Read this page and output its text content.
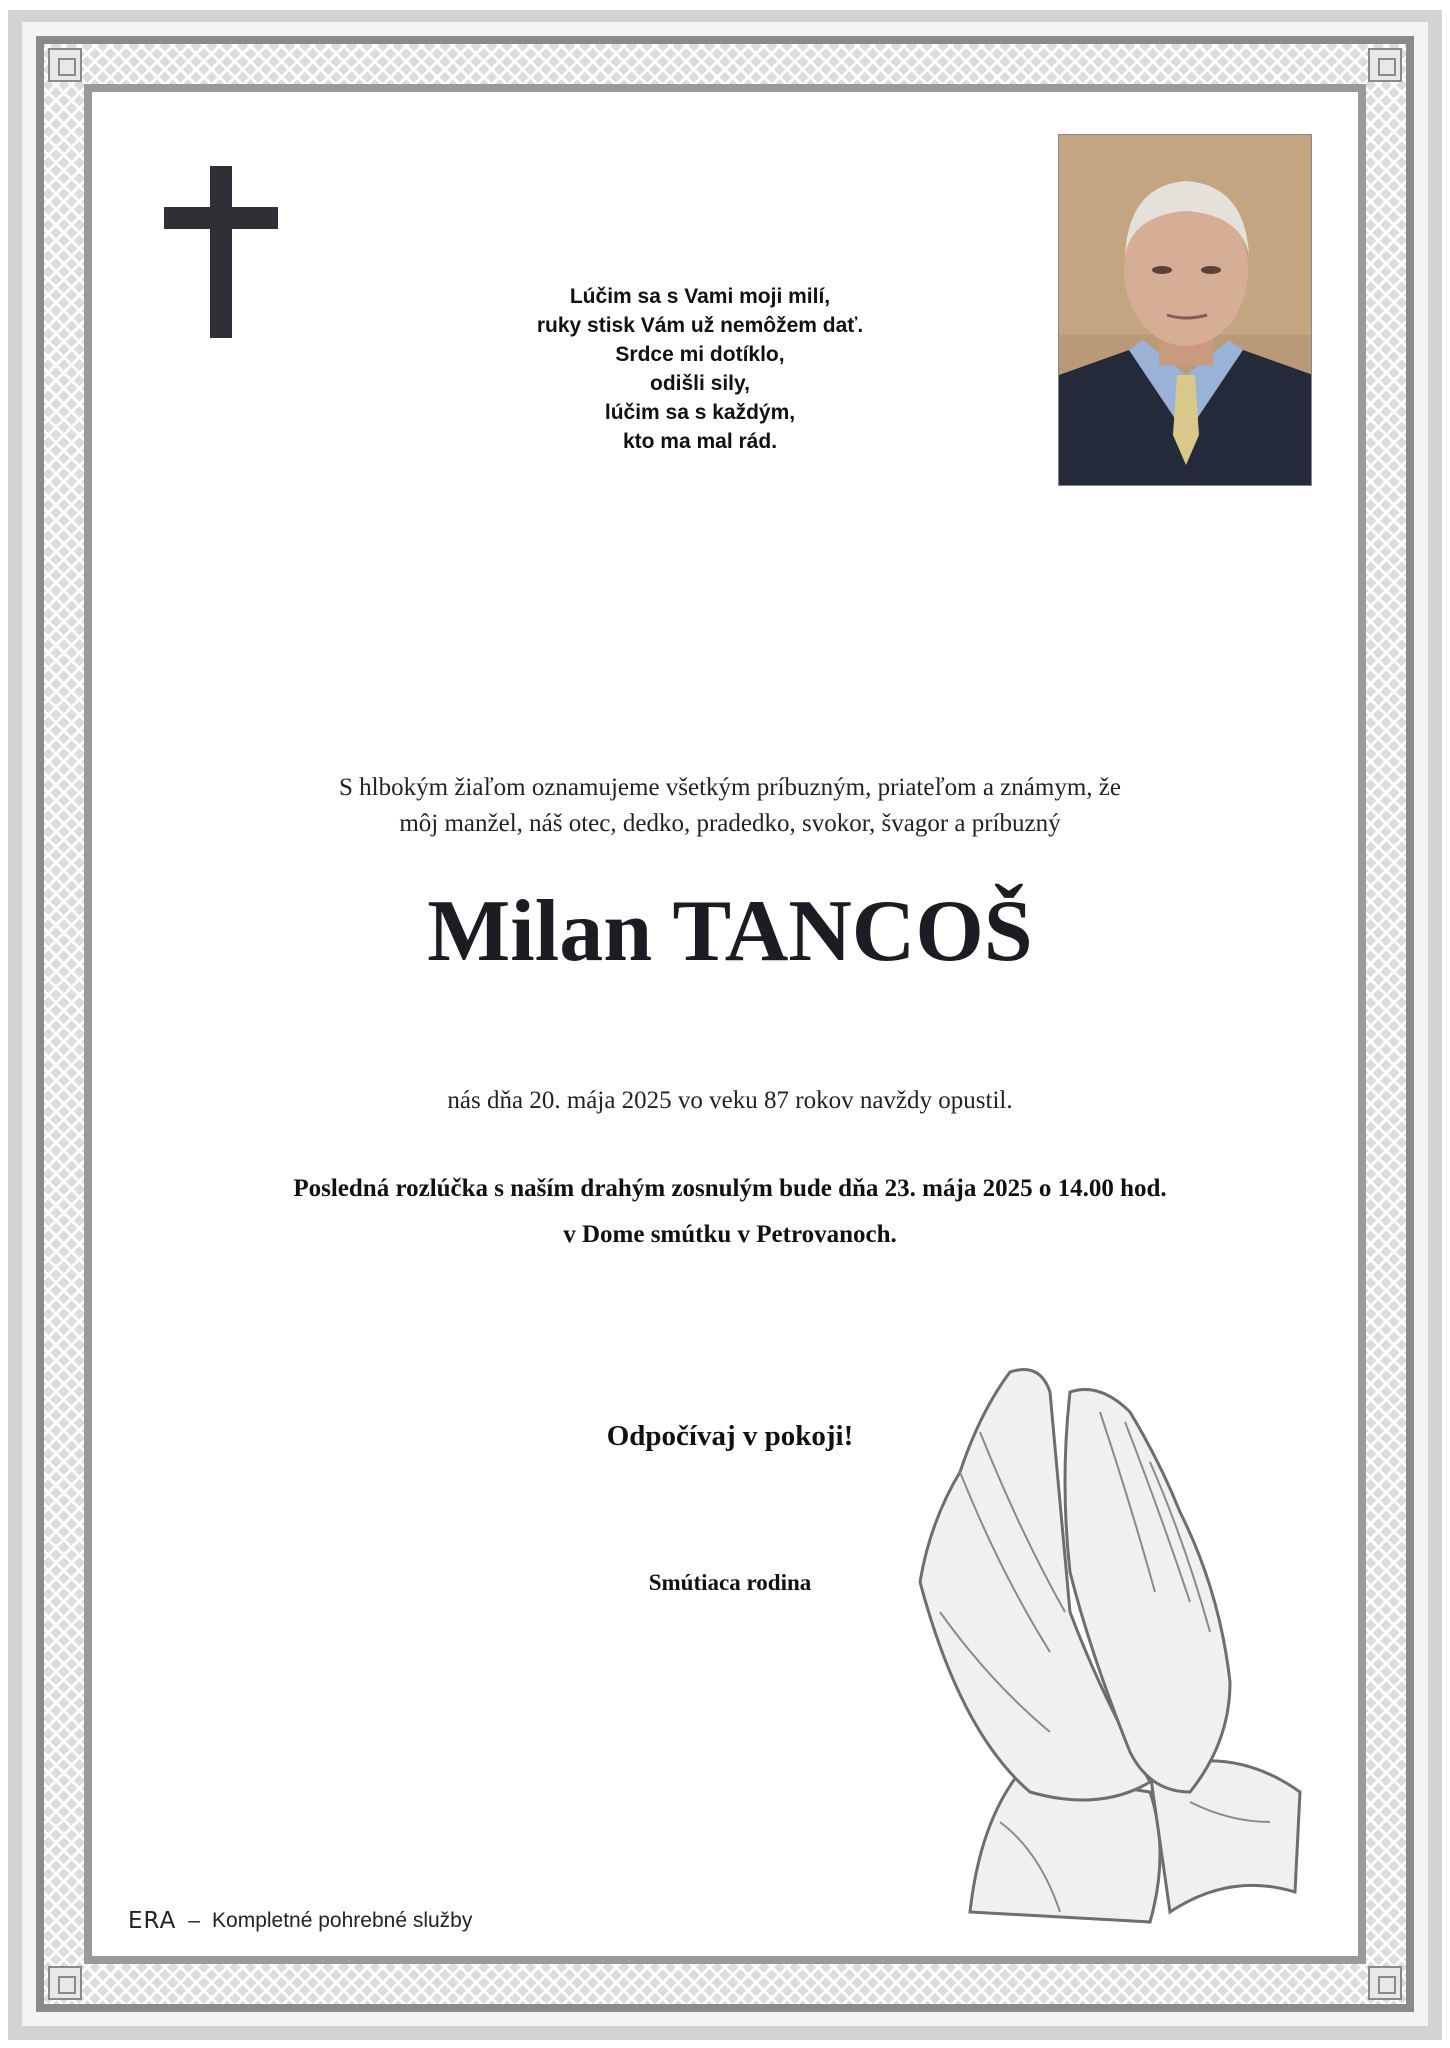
Lúčim sa s Vami moji milí,
ruky stisk Vám už nemôžem dať.
Srdce mi dotíklo,
odišli sily,
lúčim sa s každým,
kto ma mal rád.
S hlbokým žiaľom oznamujeme všetkým príbuzným, priateľom a známym, že
môj manžel, náš otec, dedko, pradedko, svokor, švagor a príbuzný
Milan TANCOŠ
nás dňa 20. mája 2025 vo veku 87 rokov navždy opustil.
Posledná rozlúčka s naším drahým zosnulým bude dňa 23. mája 2025 o 14.00 hod.
v Dome smútku v Petrovanoch.
Odpočívaj v pokoji!
Smútiaca rodina
ERA – Kompletné pohrebné služby
